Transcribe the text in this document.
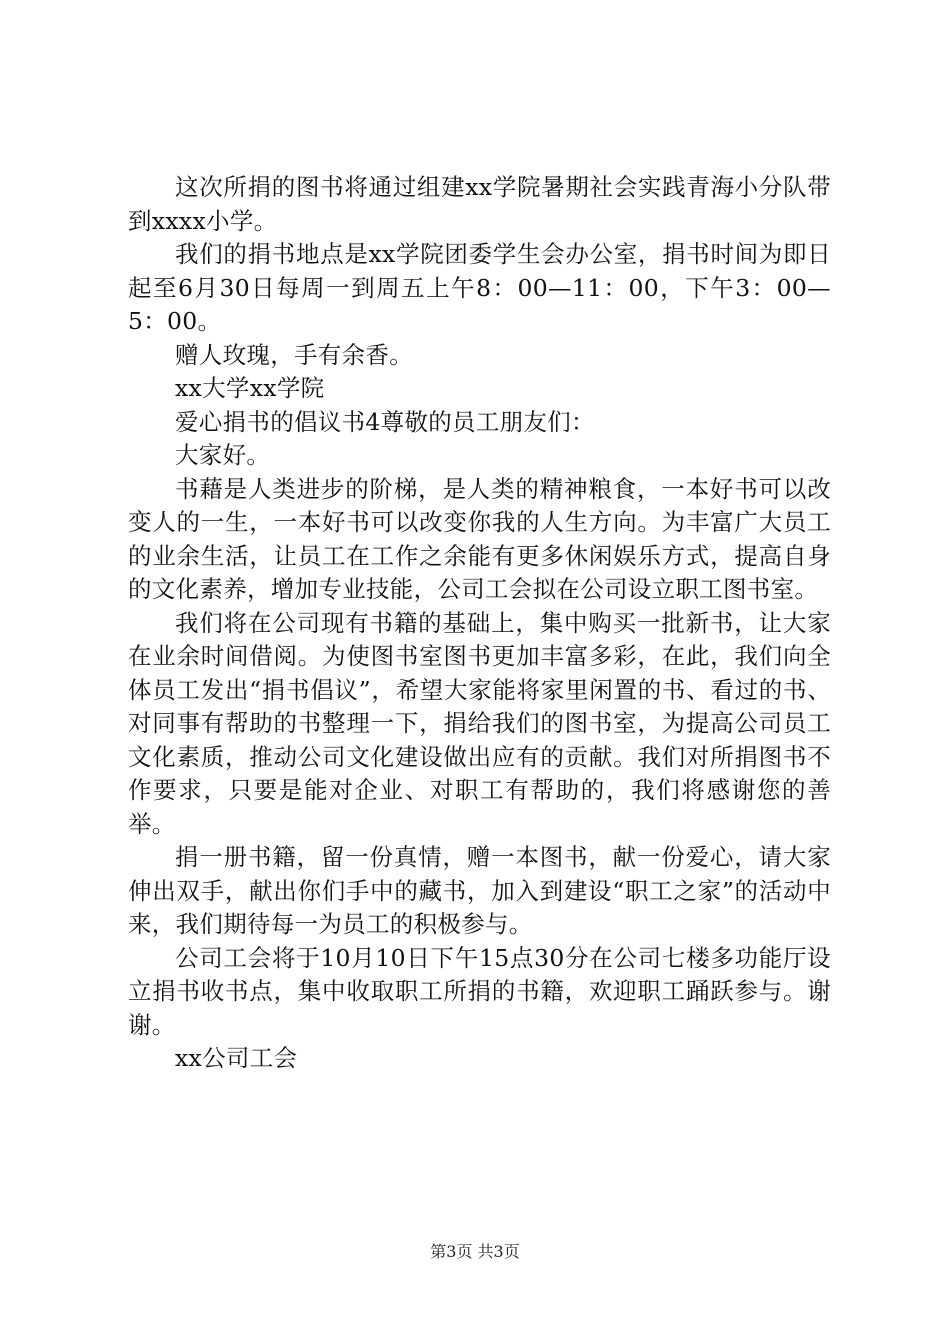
这次所捐的图书将通过组建xx学院暑期社会实践青海小分队带到xxxx小学。

我们的捐书地点是xx学院团委学生会办公室，捐书时间为即日起至6月30日每周一到周五上午8：00—11：00，下午3：00—5：00。

赠人玫瑰，手有余香。

xx大学xx学院

爱心捐书的倡议书4尊敬的员工朋友们：

大家好。

书藉是人类进步的阶梯，是人类的精神粮食，一本好书可以改变人的一生，一本好书可以改变你我的人生方向。为丰富广大员工的业余生活，让员工在工作之余能有更多休闲娱乐方式，提高自身的文化素养，增加专业技能，公司工会拟在公司设立职工图书室。

我们将在公司现有书籍的基础上，集中购买一批新书，让大家在业余时间借阅。为使图书室图书更加丰富多彩，在此，我们向全体员工发出“捐书倡议”，希望大家能将家里闲置的书、看过的书、对同事有帮助的书整理一下，捐给我们的图书室，为提高公司员工文化素质，推动公司文化建设做出应有的贡献。我们对所捐图书不作要求，只要是能对企业、对职工有帮助的，我们将感谢您的善举。

捐一册书籍，留一份真情，赠一本图书，献一份爱心，请大家伸出双手，献出你们手中的藏书，加入到建设“职工之家”的活动中来，我们期待每一为员工的积极参与。

公司工会将于10月10日下午15点30分在公司七楼多功能厅设立捐书收书点，集中收取职工所捐的书籍，欢迎职工踊跃参与。谢谢。

xx公司工会

第3页 共3页
